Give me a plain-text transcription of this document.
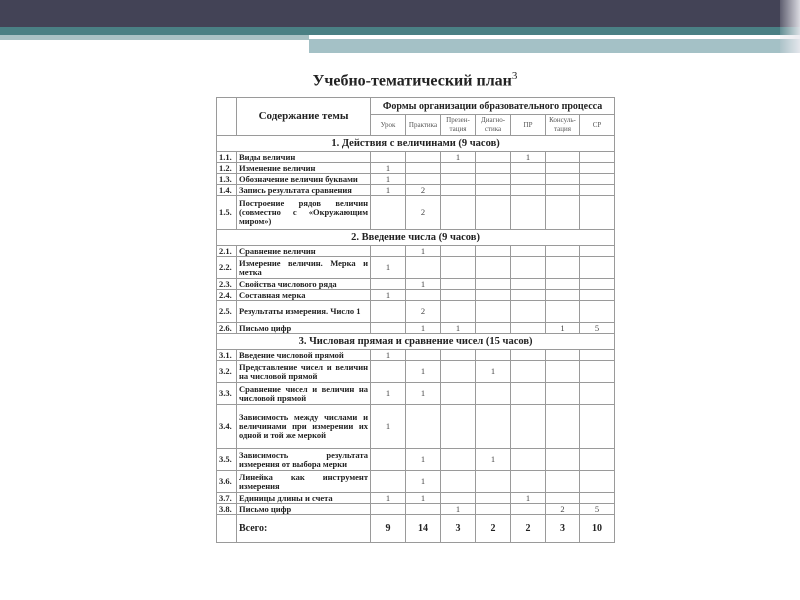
Учебно-тематический план$^3$
	Содержание темы	Формы организации образовательного процесса						
		Урок	Практика	Презен-тация	Диагно-стика	ПР	Консуль-тация	СР
1. Действия с величинами (9 часов)								
1.1.	Виды величин			1		1		
1.2.	Изменение величин	1						
1.3.	Обозначение величин буквами	1						
1.4.	Запись результата сравнения	1	2					
1.5.	Построение рядов величин (совместно с «Окружающим миром»)		2					
2. Введение числа (9 часов)								
2.1.	Сравнение величин		1					
2.2.	Измерение величин. Мерка и метка	1						
2.3.	Свойства числового ряда		1					
2.4.	Составная мерка	1						
2.5.	Результаты измерения. Число 1		2					
2.6.	Письмо цифр		1	1			1	5
3. Числовая прямая и сравнение чисел (15 часов)								
3.1.	Введение числовой прямой	1						
3.2.	Представление чисел и величин на числовой прямой		1		1			
3.3.	Сравнение чисел и величин на числовой прямой	1	1					
3.4.	Зависимость между числами и величинами при измерении их одной и той же меркой	1						
3.5.	Зависимость результата измерения от выбора мерки		1		1			
3.6.	Линейка как инструмент измерения		1					
3.7.	Единицы длины и счета	1	1			1		
3.8.	Письмо цифр			1			2	5
	Всего:	9	14	3	2	2	3	10
